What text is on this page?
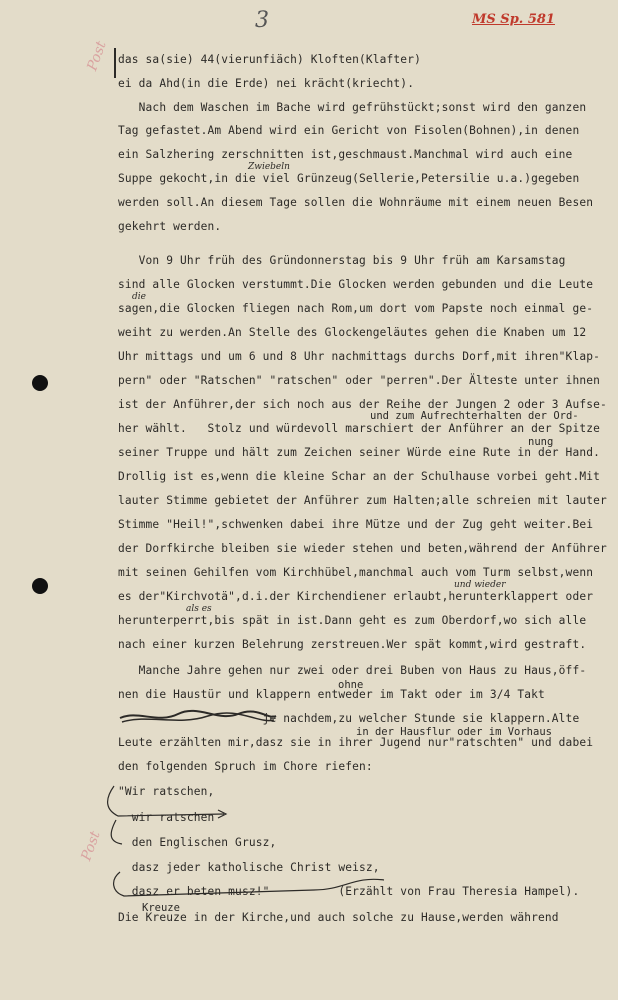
3	MS Sp. 581
Post
Post
das sa(sie) 44(vierunfiäch) Kloften(Klafter)
ei da Ahd(in die Erde) nei krächt(kriecht).
Nach dem Waschen im Bache wird gefrühstückt;sonst wird den ganzen
Tag gefastet.Am Abend wird ein Gericht von Fisolen(Bohnen),in denen
ein Salzhering zerschnitten ist,geschmaust.Manchmal wird auch eine
Suppe gekocht,in die viel Grünzeug(Sellerie,Petersilie u.a.)gegeben
werden soll.An diesem Tage sollen die Wohnräume mit einem neuen Besen
gekehrt werden.
Von 9 Uhr früh des Gründonnerstag bis 9 Uhr früh am Karsamstag
sind alle Glocken verstummt.Die Glocken werden gebunden und die Leute
sagen,die Glocken fliegen nach Rom,um dort vom Papste noch einmal ge-
weiht zu werden.An Stelle des Glockengeläutes gehen die Knaben um 12
Uhr mittags und um 6 und 8 Uhr nachmittags durchs Dorf,mit ihren"Klap-
pern" oder "Ratschen" "ratschen" oder "perren".Der Älteste unter ihnen
ist der Anführer,der sich noch aus der Reihe der Jungen 2 oder 3 Aufse-
her wählt.   Stolz und würdevoll marschiert der Anführer an der Spitze
seiner Truppe und hält zum Zeichen seiner Würde eine Rute in der Hand.
Drollig ist es,wenn die kleine Schar an der Schulhause vorbei geht.Mit
lauter Stimme gebietet der Anführer zum Halten;alle schreien mit lauter
Stimme "Heil!",schwenken dabei ihre Mütze und der Zug geht weiter.Bei
der Dorfkirche bleiben sie wieder stehen und beten,während der Anführer
mit seinen Gehilfen vom Kirchhübel,manchmal auch vom Turm selbst,wenn
es der"Kirchvotä",d.i.der Kirchendiener erlaubt,herunterklappert oder
herunterperrt,bis spät in ist.Dann geht es zum Oberdorf,wo sich alle
nach einer kurzen Belehrung zerstreuen.Wer spät kommt,wird gestraft.
Manche Jahre gehen nur zwei oder drei Buben von Haus zu Haus,öff-
nen die Haustür und klappern entweder im Takt oder im 3/4 Takt
je nachdem,zu welcher Stunde sie klappern.Alte
Leute erzählten mir,dasz sie in ihrer Jugend nur"ratschten" und dabei
den folgenden Spruch im Chore riefen:
"Wir ratschen,
wir ratschen
den Englischen Grusz,
dasz jeder katholische Christ weisz,
dasz er beten musz!"          (Erzählt von Frau Theresia Hampel).
Die Kreuze in der Kirche,und auch solche zu Hause,werden während
Zwiebeln
die
und zum Aufrechterhalten der Ord-
nung
und wieder
als es
ohne
in der Hausflur oder im Vorhaus
Kreuze
